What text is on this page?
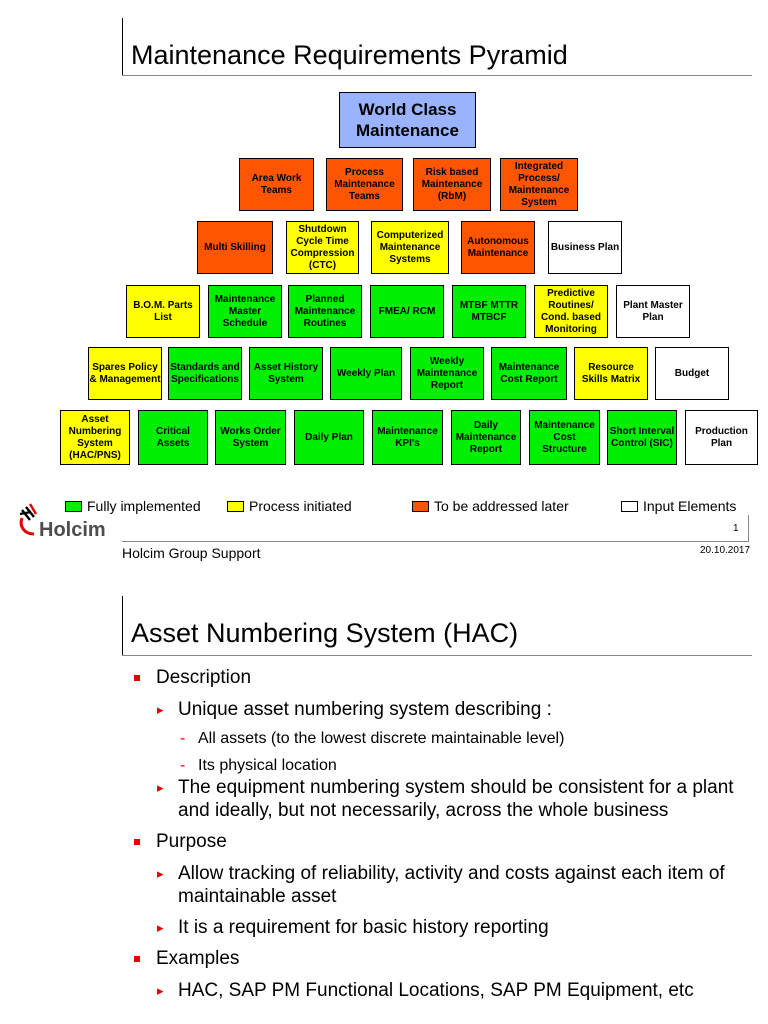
Maintenance Requirements Pyramid
World Class Maintenance
Area Work Teams
Process Maintenance Teams
Risk based Maintenance (RbM)
Integrated Process/ Maintenance System
Multi Skilling
Shutdown Cycle Time Compression (CTC)
Computerized Maintenance Systems
Autonomous Maintenance
Business Plan
B.O.M. Parts List
Maintenance Master Schedule
Planned Maintenance Routines
FMEA/ RCM
MTBF MTTR MTBCF
Predictive Routines/ Cond. based Monitoring
Plant Master Plan
Spares Policy & Management
Standards and Specifications
Asset History System
Weekly Plan
Weekly Maintenance Report
Maintenance Cost Report
Resource Skills Matrix
Budget
Asset Numbering System (HAC/PNS)
Critical Assets
Works Order System
Daily Plan
Maintenance KPI's
Daily Maintenance Report
Maintenance Cost Structure
Short Interval Control (SIC)
Production Plan
Fully implemented	Process initiated	To be addressed later	Input Elements
Holcim	1
Holcim Group Support	20.10.2017
Asset Numbering System (HAC)
Description
▸ Unique asset numbering system describing :
- All assets (to the lowest discrete maintainable level)
- Its physical location
▸ The equipment numbering system should be consistent for a plant and ideally, but not necessarily, across the whole business
Purpose
▸ Allow tracking of reliability, activity and costs against each item of maintainable asset
▸ It is a requirement for basic history reporting
Examples
▸ HAC, SAP PM Functional Locations, SAP PM Equipment, etc
